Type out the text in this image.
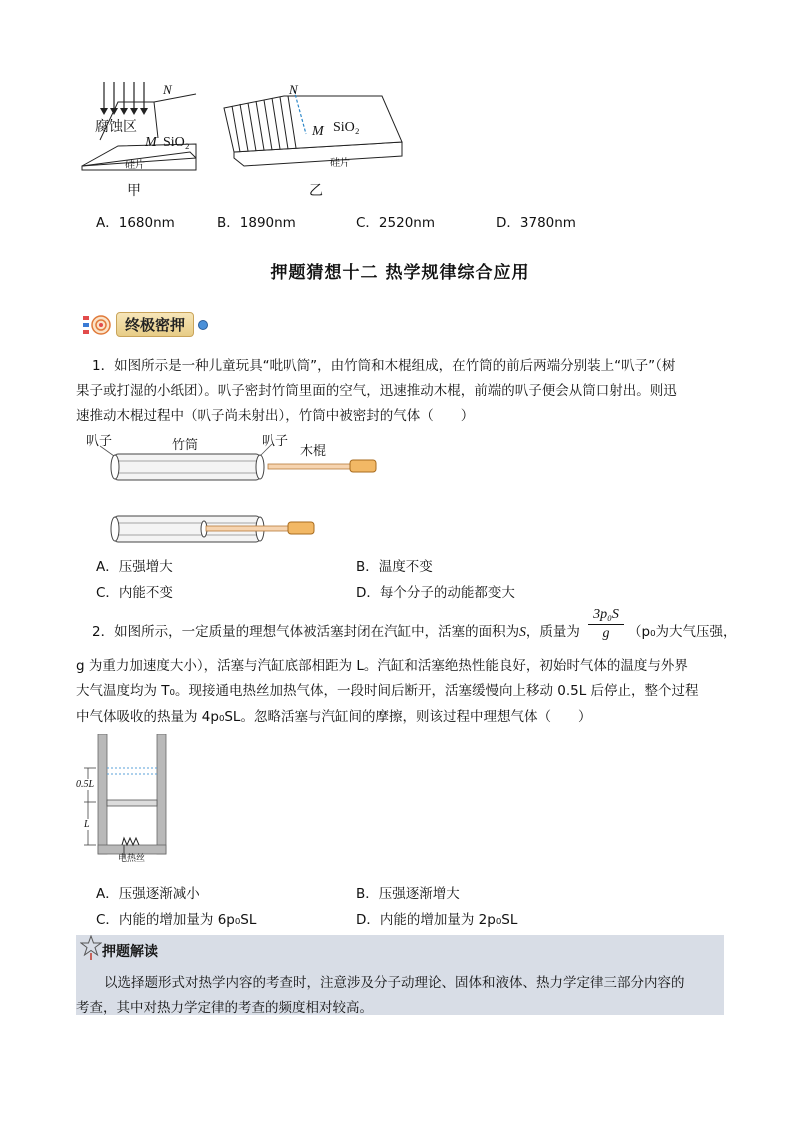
N
腐蚀区
M SiO₂
硅片
甲
N
M SiO₂
硅片
乙
A．1680nm	B．1890nm	C．2520nm	D．3780nm
押题猜想十二 热学规律综合应用
终极密押
1．如图所示是一种儿童玩具“吡叭筒”，由竹筒和木棍组成，在竹筒的前后两端分别装上“叭子”（树
果子或打湿的小纸团）。叭子密封竹筒里面的空气，迅速推动木棍，前端的叭子便会从筒口射出。则迅
速推动木棍过程中（叭子尚未射出），竹筒中被密封的气体（　　）
叭子	竹筒	叭子
木棍
A．压强增大	B．温度不变
C．内能不变	D．每个分子的动能都变大
2．如图所示，一定质量的理想气体被活塞封闭在汽缸中，活塞的面积为S，质量为 $\frac{\text{3p₀S}}{g} (p_0$为大气压强，
g 为重力加速度大小），活塞与汽缸底部相距为 L。汽缸和活塞绝热性能良好，初始时气体的温度与外界
大气温度均为 T₀。现接通电热丝加热气体，一段时间后断开，活塞缓慢向上移动 0.5L 后停止，整个过程
中气体吸收的热量为 4p₀SL。忽略活塞与汽缸间的摩擦，则该过程中理想气体（　　）
0.5L
L
电热丝
A．压强逐渐减小	B．压强逐渐增大
C．内能的增加量为 6p₀SL	D．内能的增加量为 2p₀SL
押题解读
以选择题形式对热学内容的考查时，注意涉及分子动理论、固体和液体、热力学定律三部分内容的
考查，其中对热力学定律的考查的频度相对较高。
